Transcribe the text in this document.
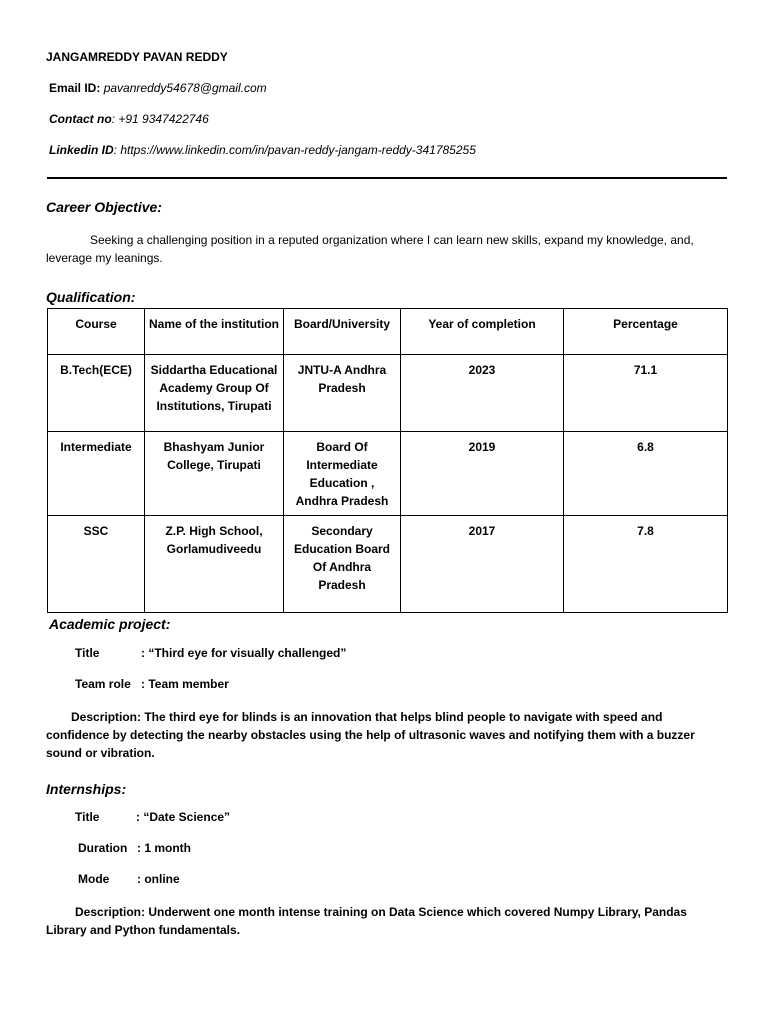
JANGAMREDDY PAVAN REDDY
Email ID: pavanreddy54678@gmail.com
Contact no: +91 9347422746
Linkedin ID: https://www.linkedin.com/in/pavan-reddy-jangam-reddy-341785255
Career Objective:
Seeking a challenging position in a reputed organization where I can learn new skills, expand my knowledge, and, leverage my leanings.
Qualification:
Course	Name of the institution	Board/University	Year of completion	Percentage
B.Tech(ECE)	Siddartha Educational Academy Group Of Institutions, Tirupati	JNTU-A Andhra Pradesh	2023	71.1
Intermediate	Bhashyam Junior College, Tirupati	Board Of Intermediate Education , Andhra Pradesh	2019	6.8
SSC	Z.P. High School, Gorlamudiveedu	Secondary Education Board Of Andhra Pradesh	2017	7.8
Academic project:
Title	: “Third eye for visually challenged”
Team role : Team member
Description: The third eye for blinds is an innovation that helps blind people to navigate with speed and confidence by detecting the nearby obstacles using the help of ultrasonic waves and notifying them with a buzzer sound or vibration.
Internships:
Title	: “Date Science”
Duration : 1 month
Mode : online
Description: Underwent one month intense training on Data Science which covered Numpy Library, Pandas Library and Python fundamentals.
